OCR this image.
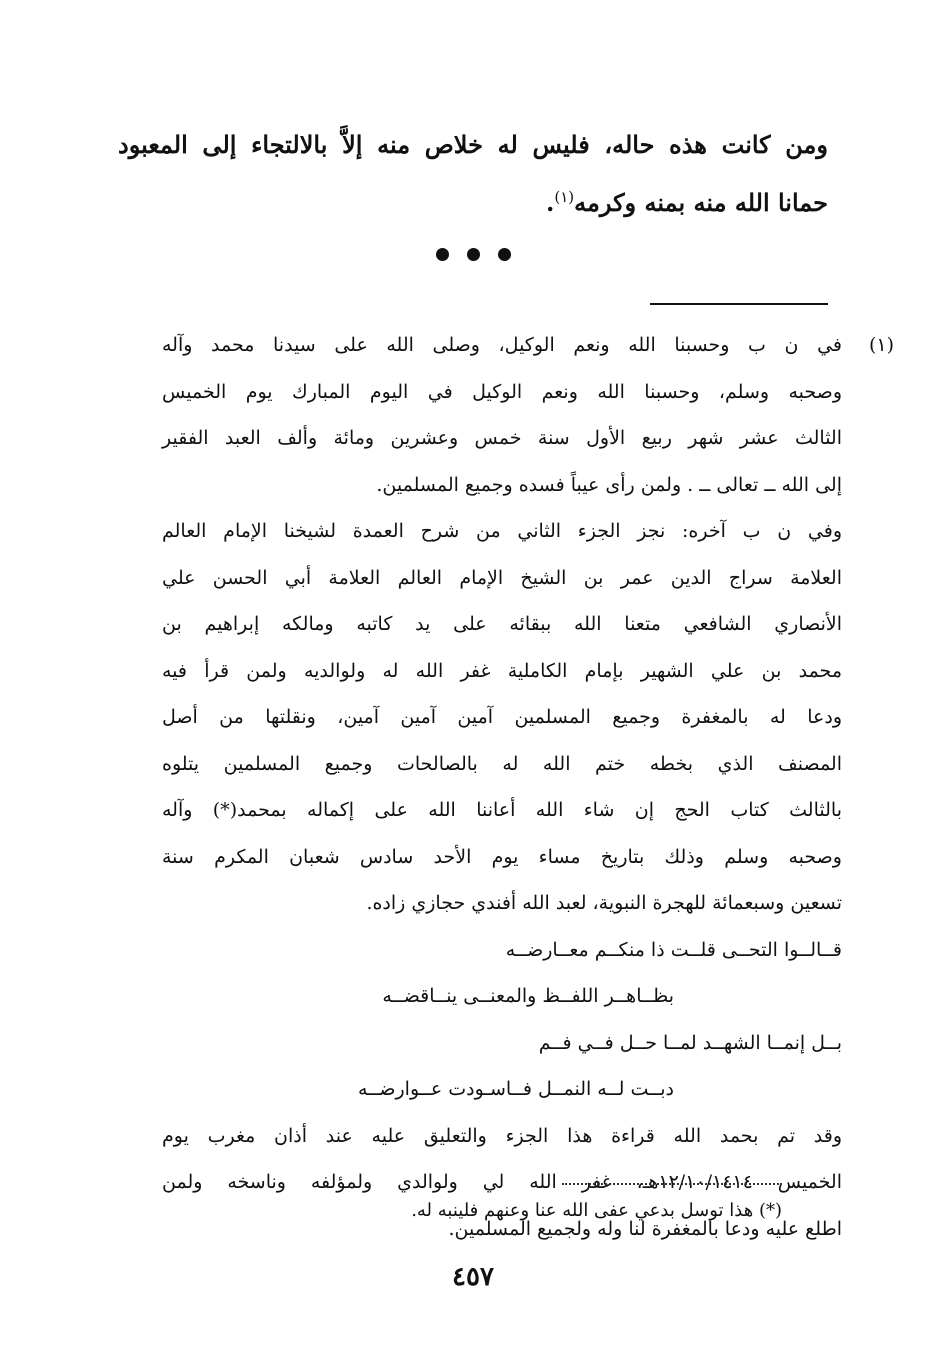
ومن كانت هذه حاله، فليس له خلاص منه إلاَّ بالالتجاء إلى المعبود
حمانا الله منه بمنه وكرمه$^{(١)}$.
(١)
في ن ب وحسبنا الله ونعم الوكيل، وصلى الله على سيدنا محمد وآله
وصحبه وسلم، وحسبنا الله ونعم الوكيل في اليوم المبارك يوم الخميس
الثالث عشر شهر ربيع الأول سنة خمس وعشرين ومائة وألف العبد الفقير
إلى الله ــ تعالى ــ . ولمن رأى عيباً فسده وجميع المسلمين.
وفي ن ب آخره: نجز الجزء الثاني من شرح العمدة لشيخنا الإمام العالم
العلامة سراج الدين عمر بن الشيخ الإمام العالم العلامة أبي الحسن علي
الأنصاري الشافعي متعنا الله ببقائه على يد كاتبه ومالكه إبراهيم بن
محمد بن علي الشهير بإمام الكاملية غفر الله له ولوالديه ولمن قرأ فيه
ودعا له بالمغفرة وجميع المسلمين آمين آمين آمين، ونقلتها من أصل
المصنف الذي بخطه ختم الله له بالصالحات وجميع المسلمين يتلوه
بالثالث كتاب الحج إن شاء الله أعاننا الله على إكماله بمحمد(*) وآله
وصحبه وسلم وذلك بتاريخ مساء يوم الأحد سادس شعبان المكرم سنة
تسعين وسبعمائة للهجرة النبوية، لعبد الله أفندي حجازي زاده.
قــالــوا التحــى قلــت ذا منكــم معــارضــه
بظــاهــر اللفــظ والمعنــى ينــاقضــه
بــل إنمــا الشهــد لمــا حــل فــي فــم
دبــت لــه النمــل فــاسـودت عــوارضــه
وقد تم بحمد الله قراءة هذا الجزء والتعليق عليه عند أذان مغرب يوم
الخميس ١٢/١٠/١٤١٤هـ، غفر الله لي ولوالدي ولمؤلفه وناسخه ولمن
اطلع عليه ودعا بالمغفرة لنا وله ولجميع المسلمين.
(*) هذا توسل بدعي عفى الله عنا وعنهم فلينبه له.
٤٥٧
